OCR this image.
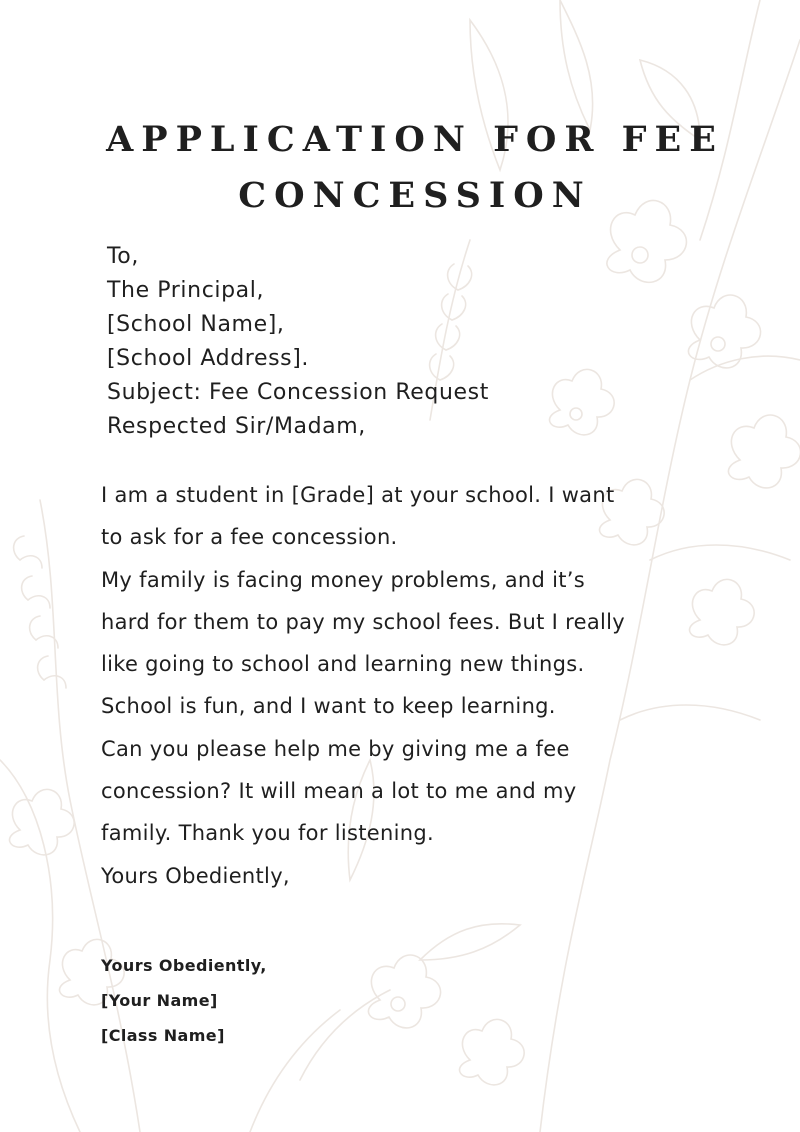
APPLICATION FOR FEE
CONCESSION
To,
The Principal,
[School Name],
[School Address].
Subject: Fee Concession Request
Respected Sir/Madam,
I am a student in [Grade] at your school. I want
to ask for a fee concession.
My family is facing money problems, and it’s
hard for them to pay my school fees. But I really
like going to school and learning new things.
School is fun, and I want to keep learning.
Can you please help me by giving me a fee
concession? It will mean a lot to me and my
family. Thank you for listening.
Yours Obediently,
Yours Obediently,
[Your Name]
[Class Name]
